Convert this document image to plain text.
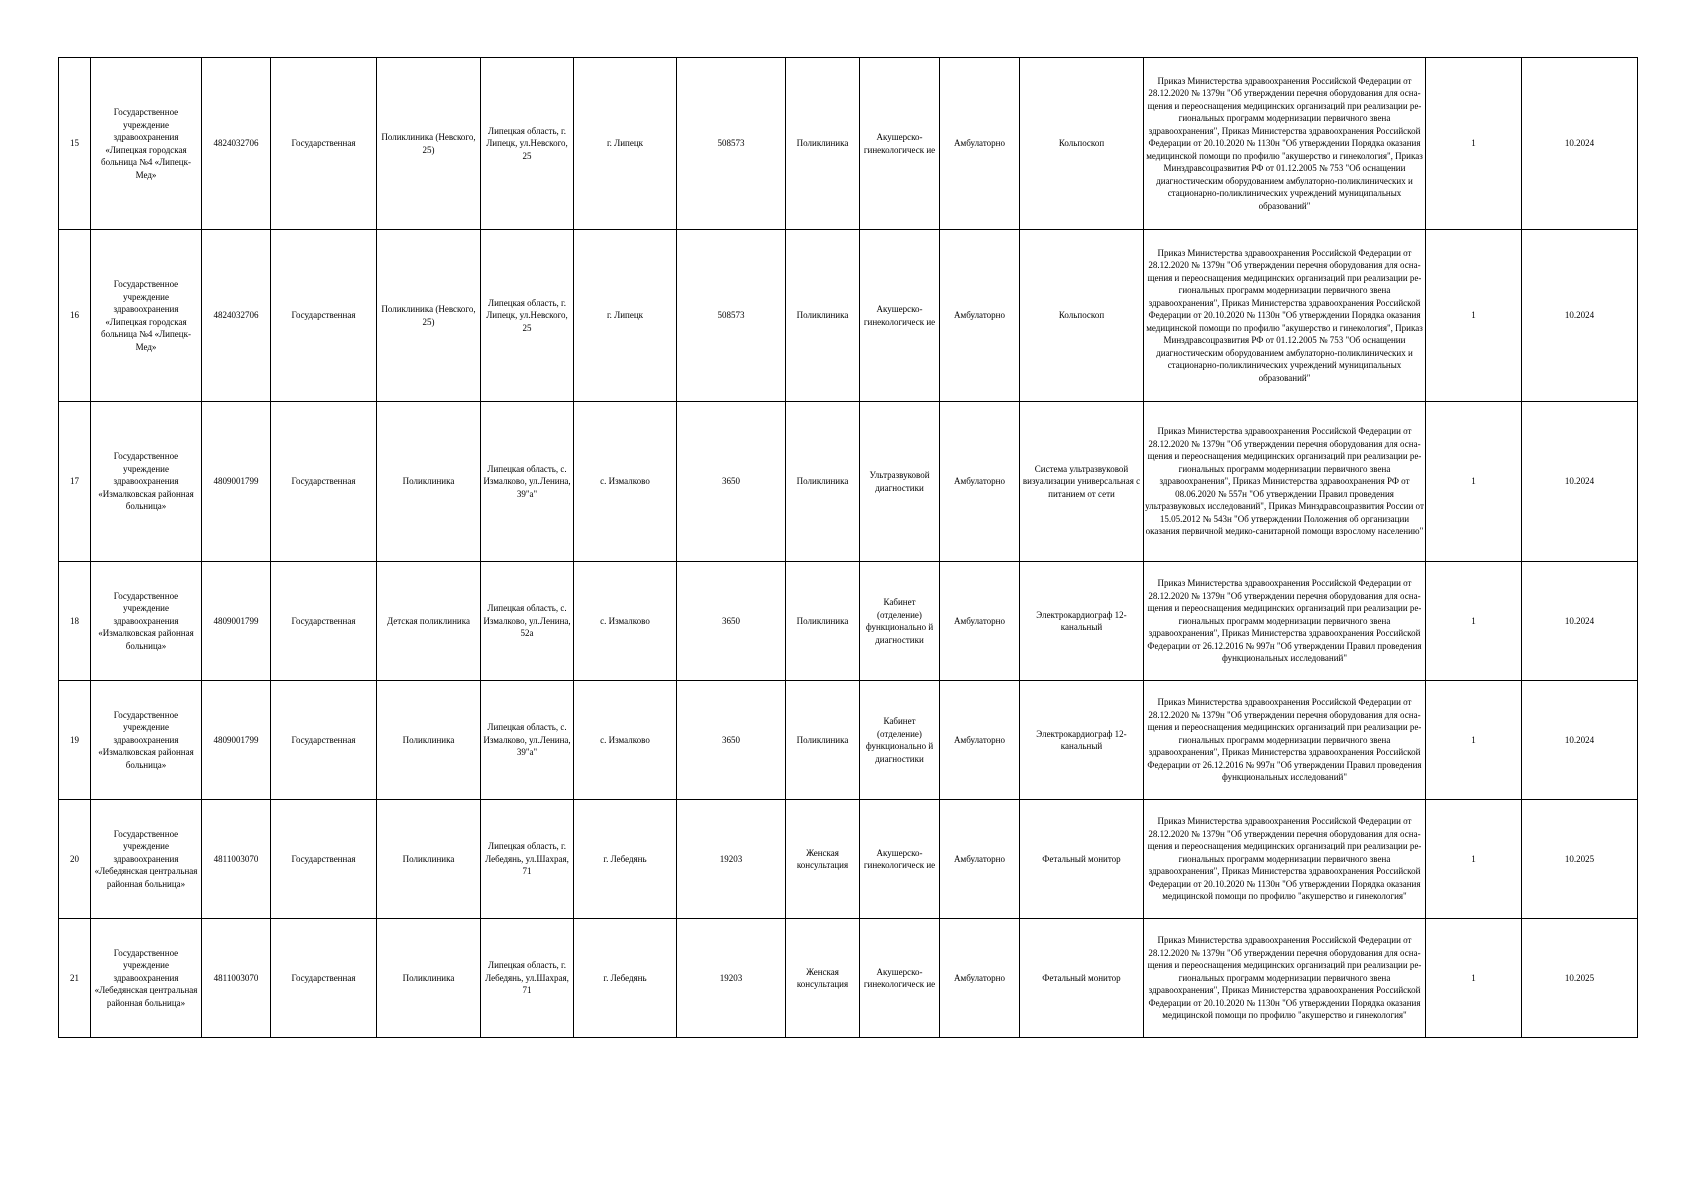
15	Государственное учреждение здравоохранения «Липецкая городская больница №4 «Липецк-Мед»	4824032706	Государственная	Поликлиника (Невского, 25)	Липецкая область, г. Липецк, ул.Невского, 25	г. Липецк	508573	Поликлиника	Акушерско-гинекологическ ие	Амбулаторно	Кольпоскоп	Приказ Министерства здравоохранения Российской Федерации от 28.12.2020 № 1379н "Об утверждении перечня оборудования для осна-щения и переоснащения медицинских организаций при реализации ре-гиональных программ модернизации первичного звена здравоохранения", Приказ Министерства здравоохранения Российской Федерации от 20.10.2020 № 1130н "Об утверждении Порядка оказания медицинской помощи по профилю "акушерство и гинекология", Приказ Минздравсоцразвития РФ от 01.12.2005 № 753 "Об оснащении диагностическим оборудованием амбулаторно-поликлинических и стационарно-поликлинических учреждений муниципальных образований"	1	10.2024
16	Государственное учреждение здравоохранения «Липецкая городская больница №4 «Липецк-Мед»	4824032706	Государственная	Поликлиника (Невского, 25)	Липецкая область, г. Липецк, ул.Невского, 25	г. Липецк	508573	Поликлиника	Акушерско-гинекологическ ие	Амбулаторно	Кольпоскоп	Приказ Министерства здравоохранения Российской Федерации от 28.12.2020 № 1379н "Об утверждении перечня оборудования для осна-щения и переоснащения медицинских организаций при реализации ре-гиональных программ модернизации первичного звена здравоохранения", Приказ Министерства здравоохранения Российской Федерации от 20.10.2020 № 1130н "Об утверждении Порядка оказания медицинской помощи по профилю "акушерство и гинекология", Приказ Минздравсоцразвития РФ от 01.12.2005 № 753 "Об оснащении диагностическим оборудованием амбулаторно-поликлинических и стационарно-поликлинических учреждений муниципальных образований"	1	10.2024
17	Государственное учреждение здравоохранения «Измалковская районная больница»	4809001799	Государственная	Поликлиника	Липецкая область, с. Измалково, ул.Ленина, 39"а"	с. Измалково	3650	Поликлиника	Ультразвуковой диагностики	Амбулаторно	Система ультразвуковой визуализации универсальная с питанием от сети	Приказ Министерства здравоохранения Российской Федерации от 28.12.2020 № 1379н "Об утверждении перечня оборудования для осна-щения и переоснащения медицинских организаций при реализации ре-гиональных программ модернизации первичного звена здравоохранения", Приказ Министерства здравоохранения РФ от 08.06.2020 № 557н "Об утверждении Правил проведения ультразвуковых исследований", Приказ Минздравсоцразвития России от 15.05.2012 № 543н "Об утверждении Положения об организации оказания первичной медико-санитарной помощи взрослому населению"	1	10.2024
18	Государственное учреждение здравоохранения «Измалковская районная больница»	4809001799	Государственная	Детская поликлиника	Липецкая область, с. Измалково, ул.Ленина, 52а	с. Измалково	3650	Поликлиника	Кабинет (отделение) функционально й диагностики	Амбулаторно	Электрокардиограф 12-канальный	Приказ Министерства здравоохранения Российской Федерации от 28.12.2020 № 1379н "Об утверждении перечня оборудования для осна-щения и переоснащения медицинских организаций при реализации ре-гиональных программ модернизации первичного звена здравоохранения", Приказ Министерства здравоохранения Российской Федерации от 26.12.2016 № 997н "Об утверждении Правил проведения функциональных исследований"	1	10.2024
19	Государственное учреждение здравоохранения «Измалковская районная больница»	4809001799	Государственная	Поликлиника	Липецкая область, с. Измалково, ул.Ленина, 39"а"	с. Измалково	3650	Поликлиника	Кабинет (отделение) функционально й диагностики	Амбулаторно	Электрокардиограф 12-канальный	Приказ Министерства здравоохранения Российской Федерации от 28.12.2020 № 1379н "Об утверждении перечня оборудования для осна-щения и переоснащения медицинских организаций при реализации ре-гиональных программ модернизации первичного звена здравоохранения", Приказ Министерства здравоохранения Российской Федерации от 26.12.2016 № 997н "Об утверждении Правил проведения функциональных исследований"	1	10.2024
20	Государственное учреждение здравоохранения «Лебедянская центральная районная больница»	4811003070	Государственная	Поликлиника	Липецкая область, г. Лебедянь, ул.Шахрая, 71	г. Лебедянь	19203	Женская консультация	Акушерско-гинекологическ ие	Амбулаторно	Фетальный монитор	Приказ Министерства здравоохранения Российской Федерации от 28.12.2020 № 1379н "Об утверждении перечня оборудования для осна-щения и переоснащения медицинских организаций при реализации ре-гиональных программ модернизации первичного звена здравоохранения", Приказ Министерства здравоохранения Российской Федерации от 20.10.2020 № 1130н "Об утверждении Порядка оказания медицинской помощи по профилю "акушерство и гинекология"	1	10.2025
21	Государственное учреждение здравоохранения «Лебедянская центральная районная больница»	4811003070	Государственная	Поликлиника	Липецкая область, г. Лебедянь, ул.Шахрая, 71	г. Лебедянь	19203	Женская консультация	Акушерско-гинекологическ ие	Амбулаторно	Фетальный монитор	Приказ Министерства здравоохранения Российской Федерации от 28.12.2020 № 1379н "Об утверждении перечня оборудования для осна-щения и переоснащения медицинских организаций при реализации ре-гиональных программ модернизации первичного звена здравоохранения", Приказ Министерства здравоохранения Российской Федерации от 20.10.2020 № 1130н "Об утверждении Порядка оказания медицинской помощи по профилю "акушерство и гинекология"	1	10.2025
